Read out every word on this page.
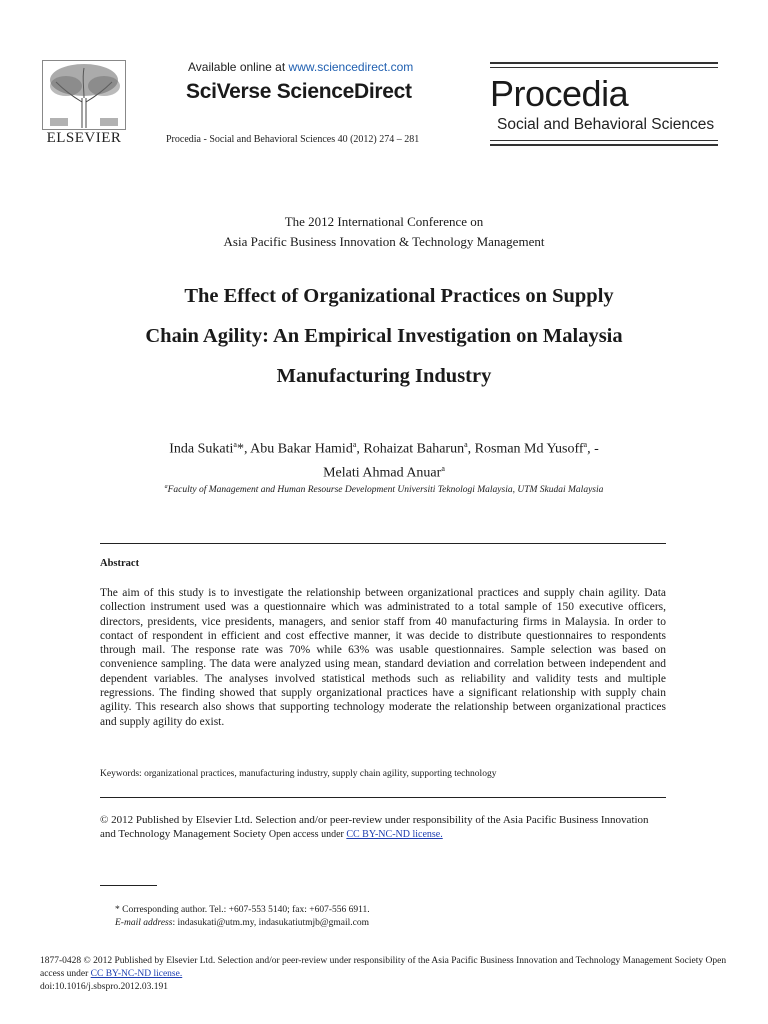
ELSEVIER
Available online at www.sciencedirect.com
SciVerse ScienceDirect
Procedia - Social and Behavioral Sciences 40 (2012) 274 – 281
Procedia
Social and Behavioral Sciences
The 2012 International Conference on
Asia Pacific Business Innovation & Technology Management
The Effect of Organizational Practices on Supply
Chain Agility: An Empirical Investigation on Malaysia
Manufacturing Industry
Inda Sukati$^a$*, Abu Bakar Hamid$^a$, Rohaizat Baharun$^a$, Rosman Md Yusoff$^a$, -
Melati Ahmad Anuar$^a$
$^a$Faculty of Management and Human Resourse Development Universiti Teknologi Malaysia, UTM Skudai Malaysia
Abstract
The aim of this study is to investigate the relationship between organizational practices and supply chain agility. Data collection instrument used was a questionnaire which was administrated to a total sample of 150 executive officers, directors, presidents, vice presidents, managers, and senior staff from 40 manufacturing firms in Malaysia. In order to contact of respondent in efficient and cost effective manner, it was decide to distribute questionnaires to respondents through mail. The response rate was 70% while 63% was usable questionnaires. Sample selection was based on convenience sampling. The data were analyzed using mean, standard deviation and correlation between independent and dependent variables. The analyses involved statistical methods such as reliability and validity tests and multiple regressions. The finding showed that supply organizational practices have a significant relationship with supply chain agility. This research also shows that supporting technology moderate the relationship between organizational practices and supply agility do exist.
Keywords: organizational practices, manufacturing industry, supply chain agility, supporting technology
© 2012 Published by Elsevier Ltd. Selection and/or peer-review under responsibility of the Asia Pacific Business Innovation and Technology Management Society Open access under CC BY-NC-ND license.
* Corresponding author. Tel.: +607-553 5140; fax: +607-556 6911.
E-mail address: indasukati@utm.my, indasukatiutmjb@gmail.com
1877-0428 © 2012 Published by Elsevier Ltd. Selection and/or peer-review under responsibility of the Asia Pacific Business Innovation and Technology Management Society Open access under CC BY-NC-ND license.
doi:10.1016/j.sbspro.2012.03.191
